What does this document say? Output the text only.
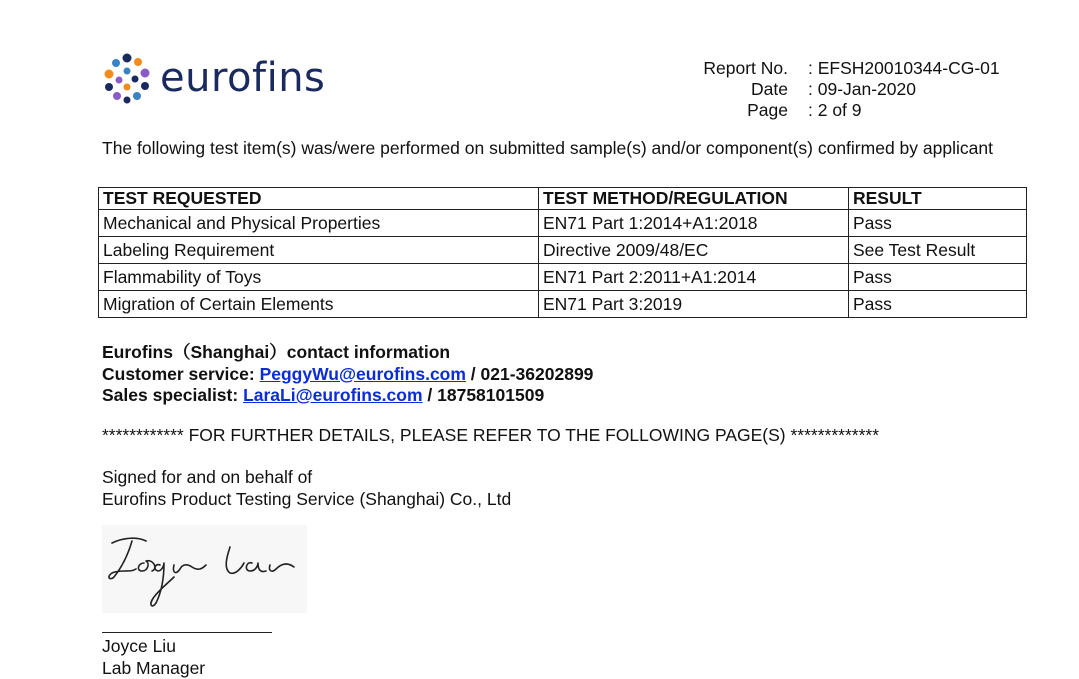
eurofins	Report No.	: EFSH20010344-CG-01
Date	: 09-Jan-2020
Page	: 2 of 9
The following test item(s) was/were performed on submitted sample(s) and/or component(s) confirmed by applicant
TEST REQUESTED	TEST METHOD/REGULATION	RESULT
Mechanical and Physical Properties	EN71 Part 1:2014+A1:2018	Pass
Labeling Requirement	Directive 2009/48/EC	See Test Result
Flammability of Toys	EN71 Part 2:2011+A1:2014	Pass
Migration of Certain Elements	EN71 Part 3:2019	Pass
Eurofins（Shanghai）contact information
Customer service: PeggyWu@eurofins.com / 021-36202899
Sales specialist: LaraLi@eurofins.com / 18758101509
************ FOR FURTHER DETAILS, PLEASE REFER TO THE FOLLOWING PAGE(S) *************
Signed for and on behalf of
Eurofins Product Testing Service (Shanghai) Co., Ltd
Joyce Liu
Lab Manager
